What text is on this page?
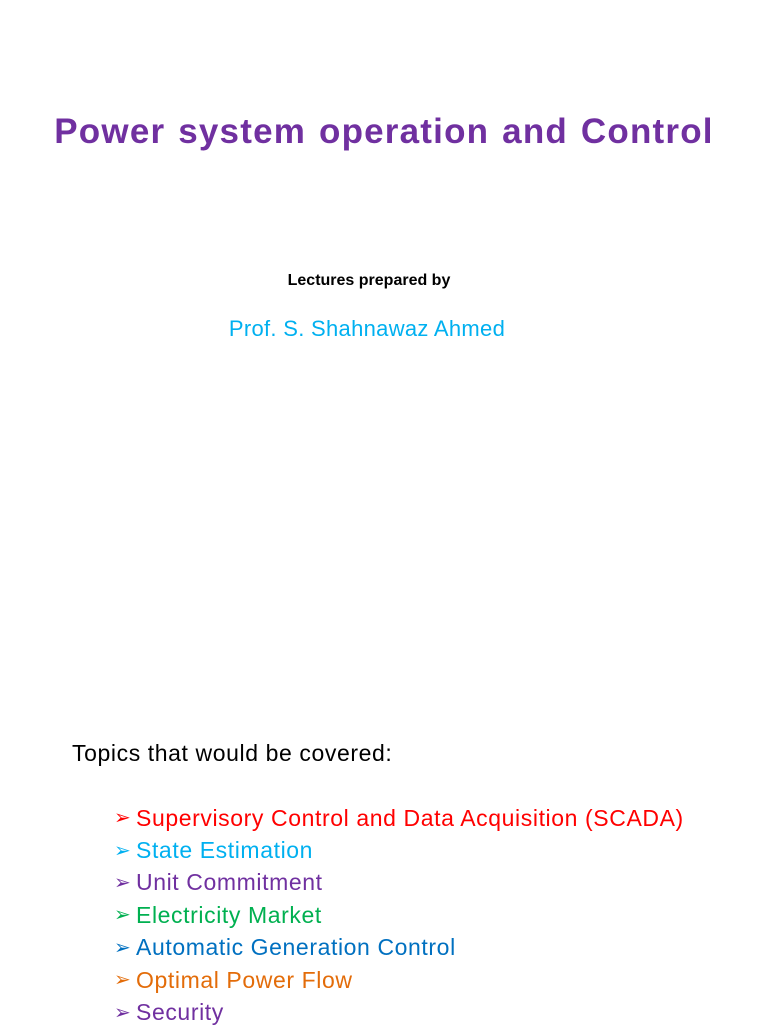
Power system operation and Control
Lectures prepared by
Prof. S. Shahnawaz Ahmed
Topics that would be covered:
➢ Supervisory Control and Data Acquisition (SCADA)
➢ State Estimation
➢ Unit Commitment
➢ Electricity Market
➢ Automatic Generation Control
➢ Optimal Power Flow
➢ Security
